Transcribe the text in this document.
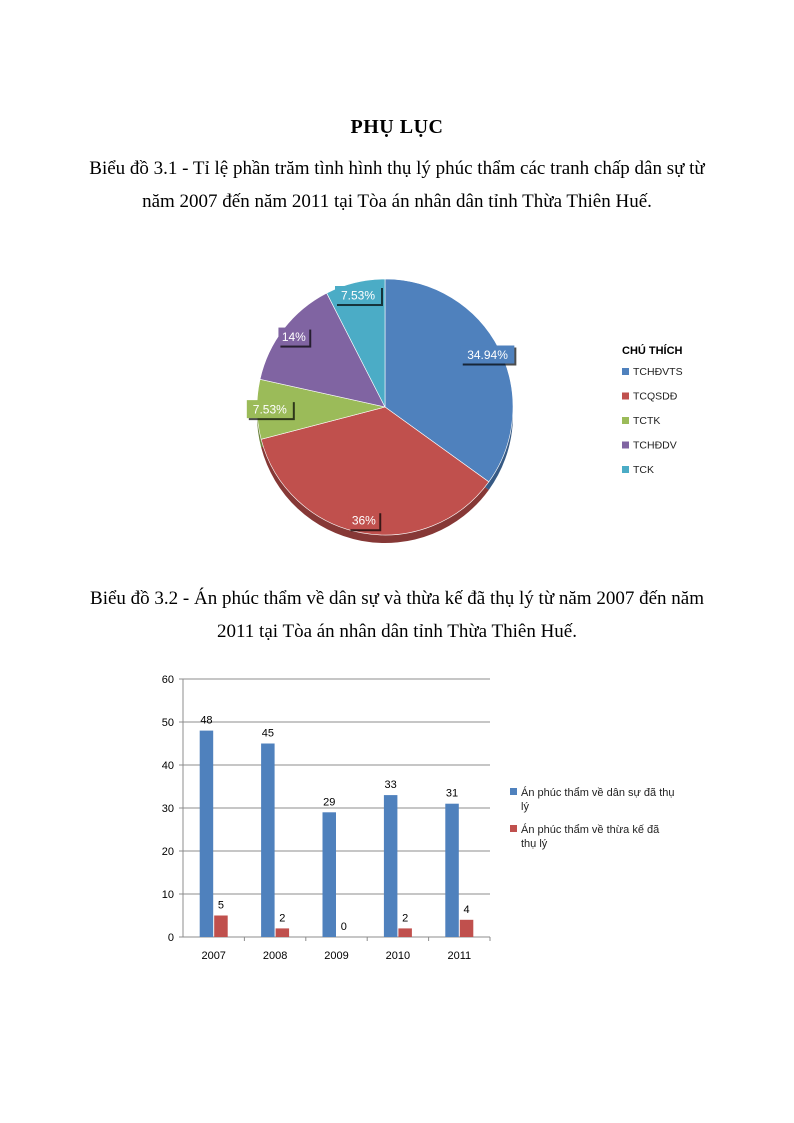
PHỤ LỤC
Biểu đồ 3.1 - Tỉ lệ phần trăm tình hình thụ lý phúc thẩm các tranh chấp dân sự từ năm 2007 đến năm 2011 tại Tòa án nhân dân tỉnh Thừa Thiên Huế.
Biểu đồ 3.2 - Án phúc thẩm về dân sự và thừa kế đã thụ lý từ năm 2007 đến năm 2011 tại Tòa án nhân dân tỉnh Thừa Thiên Huế.
34.94%
36%
7.53%
14%
7.53%
CHÚ THÍCH
TCHĐVTS
TCQSDĐ
TCTK
TCHĐDV
TCK
0
10
20
30
40
50
60
2007
48
5
2008
45
2
2009
29
0
2010
33
2
2011
31
4
Án phúc thẩm về dân sự đã thụ lý
Án phúc thẩm về thừa kế đã thụ lý
